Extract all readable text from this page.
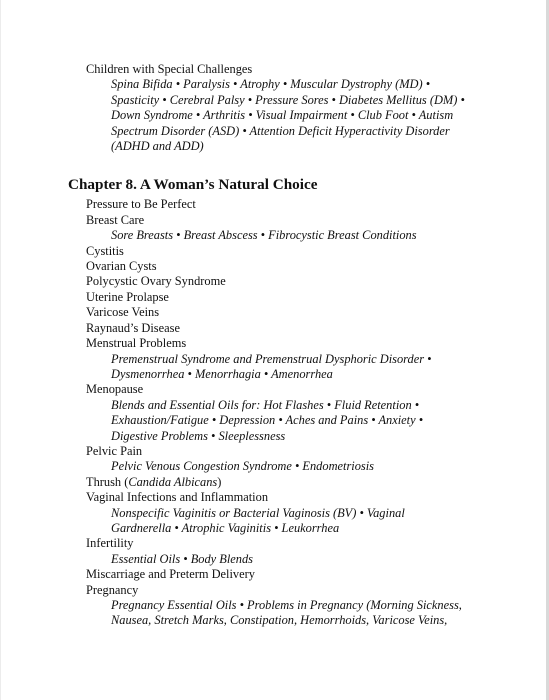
Children with Special Challenges
Spina Bifida • Paralysis • Atrophy • Muscular Dystrophy (MD) •
Spasticity • Cerebral Palsy • Pressure Sores • Diabetes Mellitus (DM) •
Down Syndrome • Arthritis • Visual Impairment • Club Foot • Autism
Spectrum Disorder (ASD) • Attention Deficit Hyperactivity Disorder
(ADHD and ADD)
Chapter 8. A Woman’s Natural Choice
Pressure to Be Perfect
Breast Care
Sore Breasts • Breast Abscess • Fibrocystic Breast Conditions
Cystitis
Ovarian Cysts
Polycystic Ovary Syndrome
Uterine Prolapse
Varicose Veins
Raynaud’s Disease
Menstrual Problems
Premenstrual Syndrome and Premenstrual Dysphoric Disorder •
Dysmenorrhea • Menorrhagia • Amenorrhea
Menopause
Blends and Essential Oils for: Hot Flashes • Fluid Retention •
Exhaustion/Fatigue • Depression • Aches and Pains • Anxiety •
Digestive Problems • Sleeplessness
Pelvic Pain
Pelvic Venous Congestion Syndrome • Endometriosis
Thrush (Candida Albicans)
Vaginal Infections and Inflammation
Nonspecific Vaginitis or Bacterial Vaginosis (BV) • Vaginal
Gardnerella • Atrophic Vaginitis • Leukorrhea
Infertility
Essential Oils • Body Blends
Miscarriage and Preterm Delivery
Pregnancy
Pregnancy Essential Oils • Problems in Pregnancy (Morning Sickness,
Nausea, Stretch Marks, Constipation, Hemorrhoids, Varicose Veins,
